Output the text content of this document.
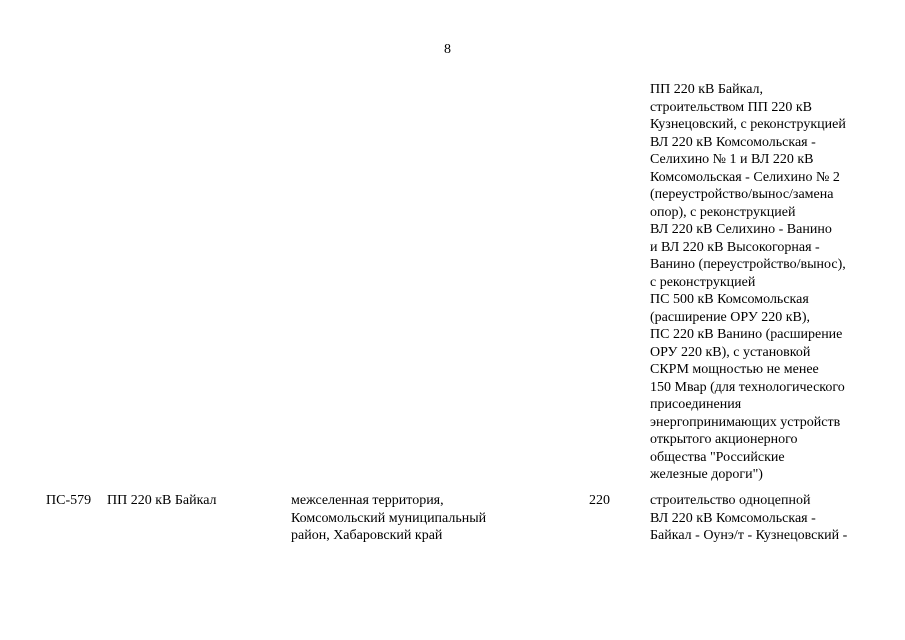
8
ПП 220 кВ Байкал,
строительством ПП 220 кВ
Кузнецовский, с реконструкцией
ВЛ 220 кВ Комсомольская -
Селихино № 1 и ВЛ 220 кВ
Комсомольская - Селихино № 2
(переустройство/вынос/замена
опор), с реконструкцией
ВЛ 220 кВ Селихино - Ванино
и ВЛ 220 кВ Высокогорная -
Ванино (переустройство/вынос),
с реконструкцией
ПС 500 кВ Комсомольская
(расширение ОРУ 220 кВ),
ПС 220 кВ Ванино (расширение
ОРУ 220 кВ), с установкой
СКРМ мощностью не менее
150 Мвар (для технологического
присоединения
энергопринимающих устройств
открытого акционерного
общества "Российские
железные дороги")
ПС-579 ПП 220 кВ Байкал	межселенная территория,
Комсомольский муниципальный
район, Хабаровский край
220	строительство одноцепной
ВЛ 220 кВ Комсомольская -
Байкал - Оунэ/т - Кузнецовский -
